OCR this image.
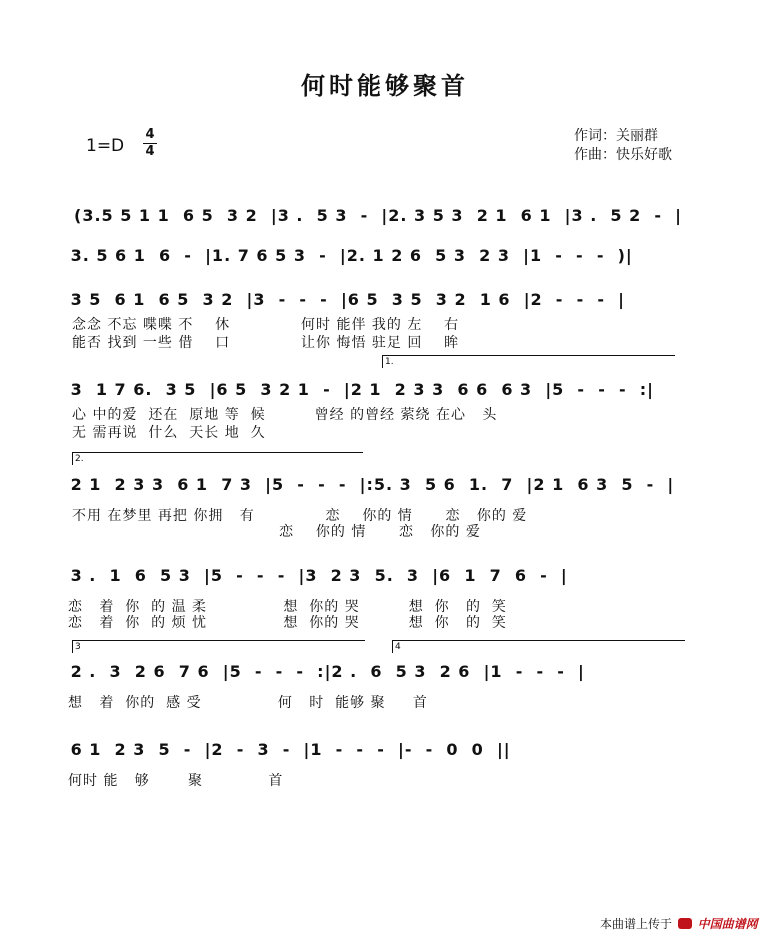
何时能够聚首
1=D
4
4
作词：关丽群
作曲：快乐好歌
(3.5 5 1 1  6 5  3 2  |3 .  5 3  -  |2. 3 5 3  2 1  6 1  |3 .  5 2  -  |
3. 5 6 1  6  -  |1. 7 6 5 3  -  |2. 1 2 6  5 3  2 3  |1  -  -  -  )|
3 5  6 1  6 5  3 2  |3  -  -  -  |6 5  3 5  3 2  1 6  |2  -  -  -  |
念念 不忘 喋喋 不    休             何时 能伴 我的 左    右
能否 找到 一些 借    口             让你 悔悟 驻足 回    眸
1.
3  1 7 6.  3 5  |6 5  3 2 1  -  |2 1  2 3 3  6 6  6 3  |5  -  -  -  :|
心 中的爱  还在  原地 等  候         曾经 的曾经 萦绕 在心   头
无 需再说  什么  天长 地  久
2.
2 1  2 3 3  6 1  7 3  |5  -  -  -  |:5. 3  5 6  1.  7  |2 1  6 3  5  -  |
不用 在梦里 再把 你拥   有             恋    你的 情      恋   你的 爱
恋    你的 情      恋   你的 爱
3 .  1  6  5 3  |5  -  -  -  |3  2 3  5.  3  |6  1  7  6  -  |
恋   着  你  的 温 柔              想  你的 哭         想  你   的  笑
恋   着  你  的 烦 忧              想  你的 哭         想  你   的  笑
3	4
2 .  3  2 6  7 6  |5  -  -  -  :|2 .  6  5 3  2 6  |1  -  -  -  |
想   着  你的  感 受              何   时  能够 聚     首
6 1  2 3  5  -  |2  -  3  -  |1  -  -  -  |-  -  0  0  ||
何时 能   够       聚            首
本曲谱上传于 中国曲谱网
